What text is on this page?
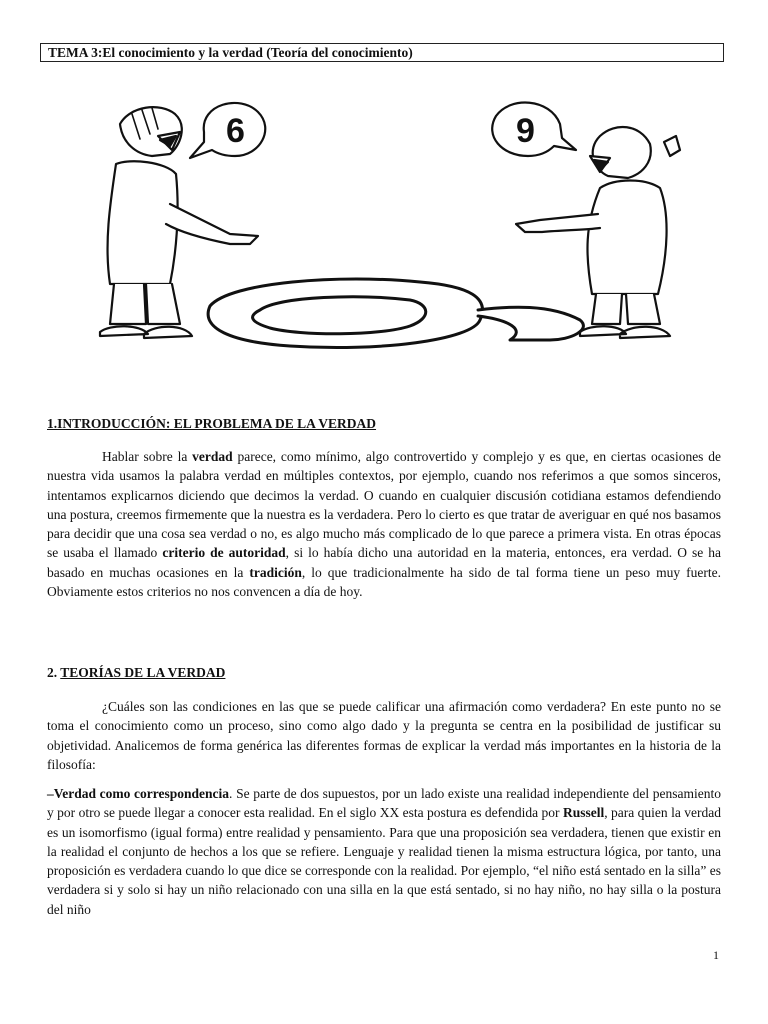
TEMA 3:El conocimiento y la verdad (Teoría del conocimiento)
6	9
1.INTRODUCCIÓN: EL PROBLEMA DE LA VERDAD

Hablar sobre la verdad parece, como mínimo, algo controvertido y complejo y es que, en ciertas ocasiones de nuestra vida usamos la palabra verdad en múltiples contextos, por ejemplo, cuando nos referimos a que somos sinceros, intentamos explicarnos diciendo que decimos la verdad. O cuando en cualquier discusión cotidiana estamos defendiendo una postura, creemos firmemente que la nuestra es la verdadera. Pero lo cierto es que tratar de averiguar en qué nos basamos para decidir que una cosa sea verdad o no, es algo mucho más complicado de lo que parece a primera vista. En otras épocas se usaba el llamado criterio de autoridad, si lo había dicho una autoridad en la materia, entonces, era verdad. O se ha basado en muchas ocasiones en la tradición, lo que tradicionalmente ha sido de tal forma tiene un peso muy fuerte. Obviamente estos criterios no nos convencen a día de hoy.

2. TEORÍAS DE LA VERDAD

¿Cuáles son las condiciones en las que se puede calificar una afirmación como verdadera? En este punto no se toma el conocimiento como un proceso, sino como algo dado y la pregunta se centra en la posibilidad de justificar su objetividad. Analicemos de forma genérica las diferentes formas de explicar la verdad más importantes en la historia de la filosofía:

–Verdad como correspondencia. Se parte de dos supuestos, por un lado existe una realidad independiente del pensamiento y por otro se puede llegar a conocer esta realidad. En el siglo XX esta postura es defendida por Russell, para quien la verdad es un isomorfismo (igual forma) entre realidad y pensamiento. Para que una proposición sea verdadera, tienen que existir en la realidad el conjunto de hechos a los que se refiere. Lenguaje y realidad tienen la misma estructura lógica, por tanto, una proposición es verdadera cuando lo que dice se corresponde con la realidad. Por ejemplo, “el niño está sentado en la silla” es verdadera si y solo si hay un niño relacionado con una silla en la que está sentado, si no hay niño, no hay silla o la postura del niño

1
